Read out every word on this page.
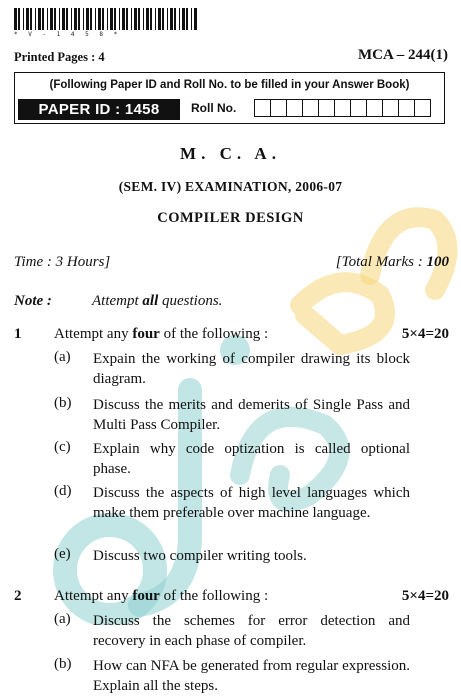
* V - 1 4 5 8 *
Printed Pages : 4	MCA – 244(1)
(Following Paper ID and Roll No. to be filled in your Answer Book)
PAPER ID : 1458	Roll No.
M. C. A.
(SEM. IV) EXAMINATION, 2006-07
COMPILER DESIGN
Time : 3 Hours]	[Total Marks : 100
Note :	Attempt all questions.
1 Attempt any four of the following :	5×4=20
(a) Expain the working of compiler drawing its block diagram.
(b) Discuss the merits and demerits of Single Pass and Multi Pass Compiler.
(c) Explain why code optization is called optional phase.
(d) Discuss the aspects of high level languages which make them preferable over machine language.
(e) Discuss two compiler writing tools.
2 Attempt any four of the following :	5×4=20
(a) Discuss the schemes for error detection and recovery in each phase of compiler.
(b) How can NFA be generated from regular expression. Explain all the steps.
